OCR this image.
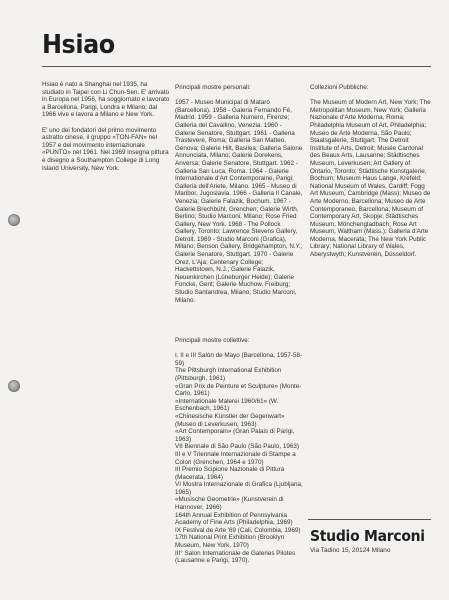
Hsiao

Hsiao è nato a Shanghai nel 1935, ha studiato in Taipei con Li Chun-Sen. E' arrivato in Europa nel 1956, ha soggiornato e lavorato a Barcellona, Parigi, Londra e Milano; dal 1966 vive e lavora a Milano e New York.

E' uno dei fondatori del primo movimento astratto cinese, il gruppo «TON-FAN» nel 1957 e del movimento internazionale «PUNTO» nel 1961. Nel 1969 insegna pittura e disegno a Southampton College di Long Island University, New York.

Principali mostre personali:
1957 - Museo Municipal di Mataró (Barcellona). 1958 - Galeria Fernando Fé, Madrid. 1959 - Galleria Numero, Firenze; Galleria del Cavallino, Venezia. 1960 - Galerie Senatore, Stuttgart. 1961 - Galleria Trastevere, Roma; Galleria San Matteo, Genova; Galerie Hilt, Basilea; Galleria Salone Annunciata, Milano; Galerie Dorekens, Anversa; Galerie Senatore, Stuttgart. 1962 - Galleria San Luca, Roma. 1964 - Galerie Internationale d'Art Contemporaine, Parigi; Galleria dell'Ariete, Milano. 1965 - Museo di Maribor, Jugoslavia. 1966 - Galleria Il Canale, Venezia; Galerie Falazik, Bochum. 1967 - Galerie Brechbühl, Grenchen; Galerie Wirth, Berlino; Studio Marconi, Milano; Rose Fried Gallery, New York. 1968 - The Pollock Gallery, Toronto; Lawrence Stevens Gallery, Detroit. 1969 - Studio Marconi (Grafica), Milano; Benson Gallery, Bridgehampton, N.Y.; Galerie Senatore, Stuttgart. 1970 - Galerie Orez, L'Aja; Centenary College; Hackettstown, N.J.; Galerie Falazik, Neuenkirchen (Lüneburger Heide); Galerie Foncke, Gent; Galerie Muchow, Freiburg; Studio Santandrea, Milano; Studio Marconi, Milano.
Collezioni Pubbliche:
The Museum of Modern Art, New York; The Metropolitan Museum, New York; Galleria Nazionale d'Arte Moderna, Roma; Philadelphia Museum of Art, Philadelphia; Museo de Arte Moderna, São Paulo; Staatsgalerie, Stuttgart; The Detroit Institute of Arts, Detroit; Musée Cantonal des Beaux Arts, Lausanne; Städtisches Museum, Leverkusen; Art Gallery of Ontario, Toronto; Städtische Kunstgalerie, Bochum; Museum Haus Lange, Krefeld; National Museum of Wales, Cardiff; Fogg Art Museum, Cambridge (Mass); Museo de Arte Moderno, Barcellona; Museo de Arte Contemporaneo, Barcellona; Museum of Contemporary Art, Skopje; Städtisches Museum, Mönchengladbach; Rose Art Museum, Waltham (Mass.); Galleria d'Arte Moderna, Macerata; The New York Public Library; National Library of Wales, Aberystwyth; Kunstverein, Düsseldorf.
Principali mostre collettive:
I, II e III Salón de Mayo (Barcellona, 1957-58-59)
The Pittsburgh International Exhibition (Pittsburgh, 1961)
«Gran Prix de Peinture et Sculpture» (Monte-Carlo, 1961)
«Internationale Malerei 1960/61» (W. Eschenbach, 1961)
«Chinesische Künstler der Gegenwart» (Museo di Leverkusen, 1963)
«Art Contemporain» (Gran Palais di Parigi, 1963)
VII Biennale di São Paulo (São Paulo, 1963)
III e V Triennale Internazionale di Stampe a Colori (Grenchen, 1964 e 1970)
III Premio Scipione Nazionale di Pittura (Macerata, 1964)
VI Mostra Internazionale di Grafica (Ljubljana, 1965)
«Musische Geometrie» (Kunstverein di Hannover, 1966)
164th Annual Exhibition of Pennsylvania Academy of Fine Arts (Philadelphia, 1969)
IX Festival de Arte '69 (Cali, Colombia, 1969)
17th National Print Exhibition (Brooklyn Museum, New York, 1970)
III° Salon Internationale de Galeries Pilotes (Lausanne e Parigi, 1970).
Studio Marconi
Via Tadino 15, 20124 Milano
